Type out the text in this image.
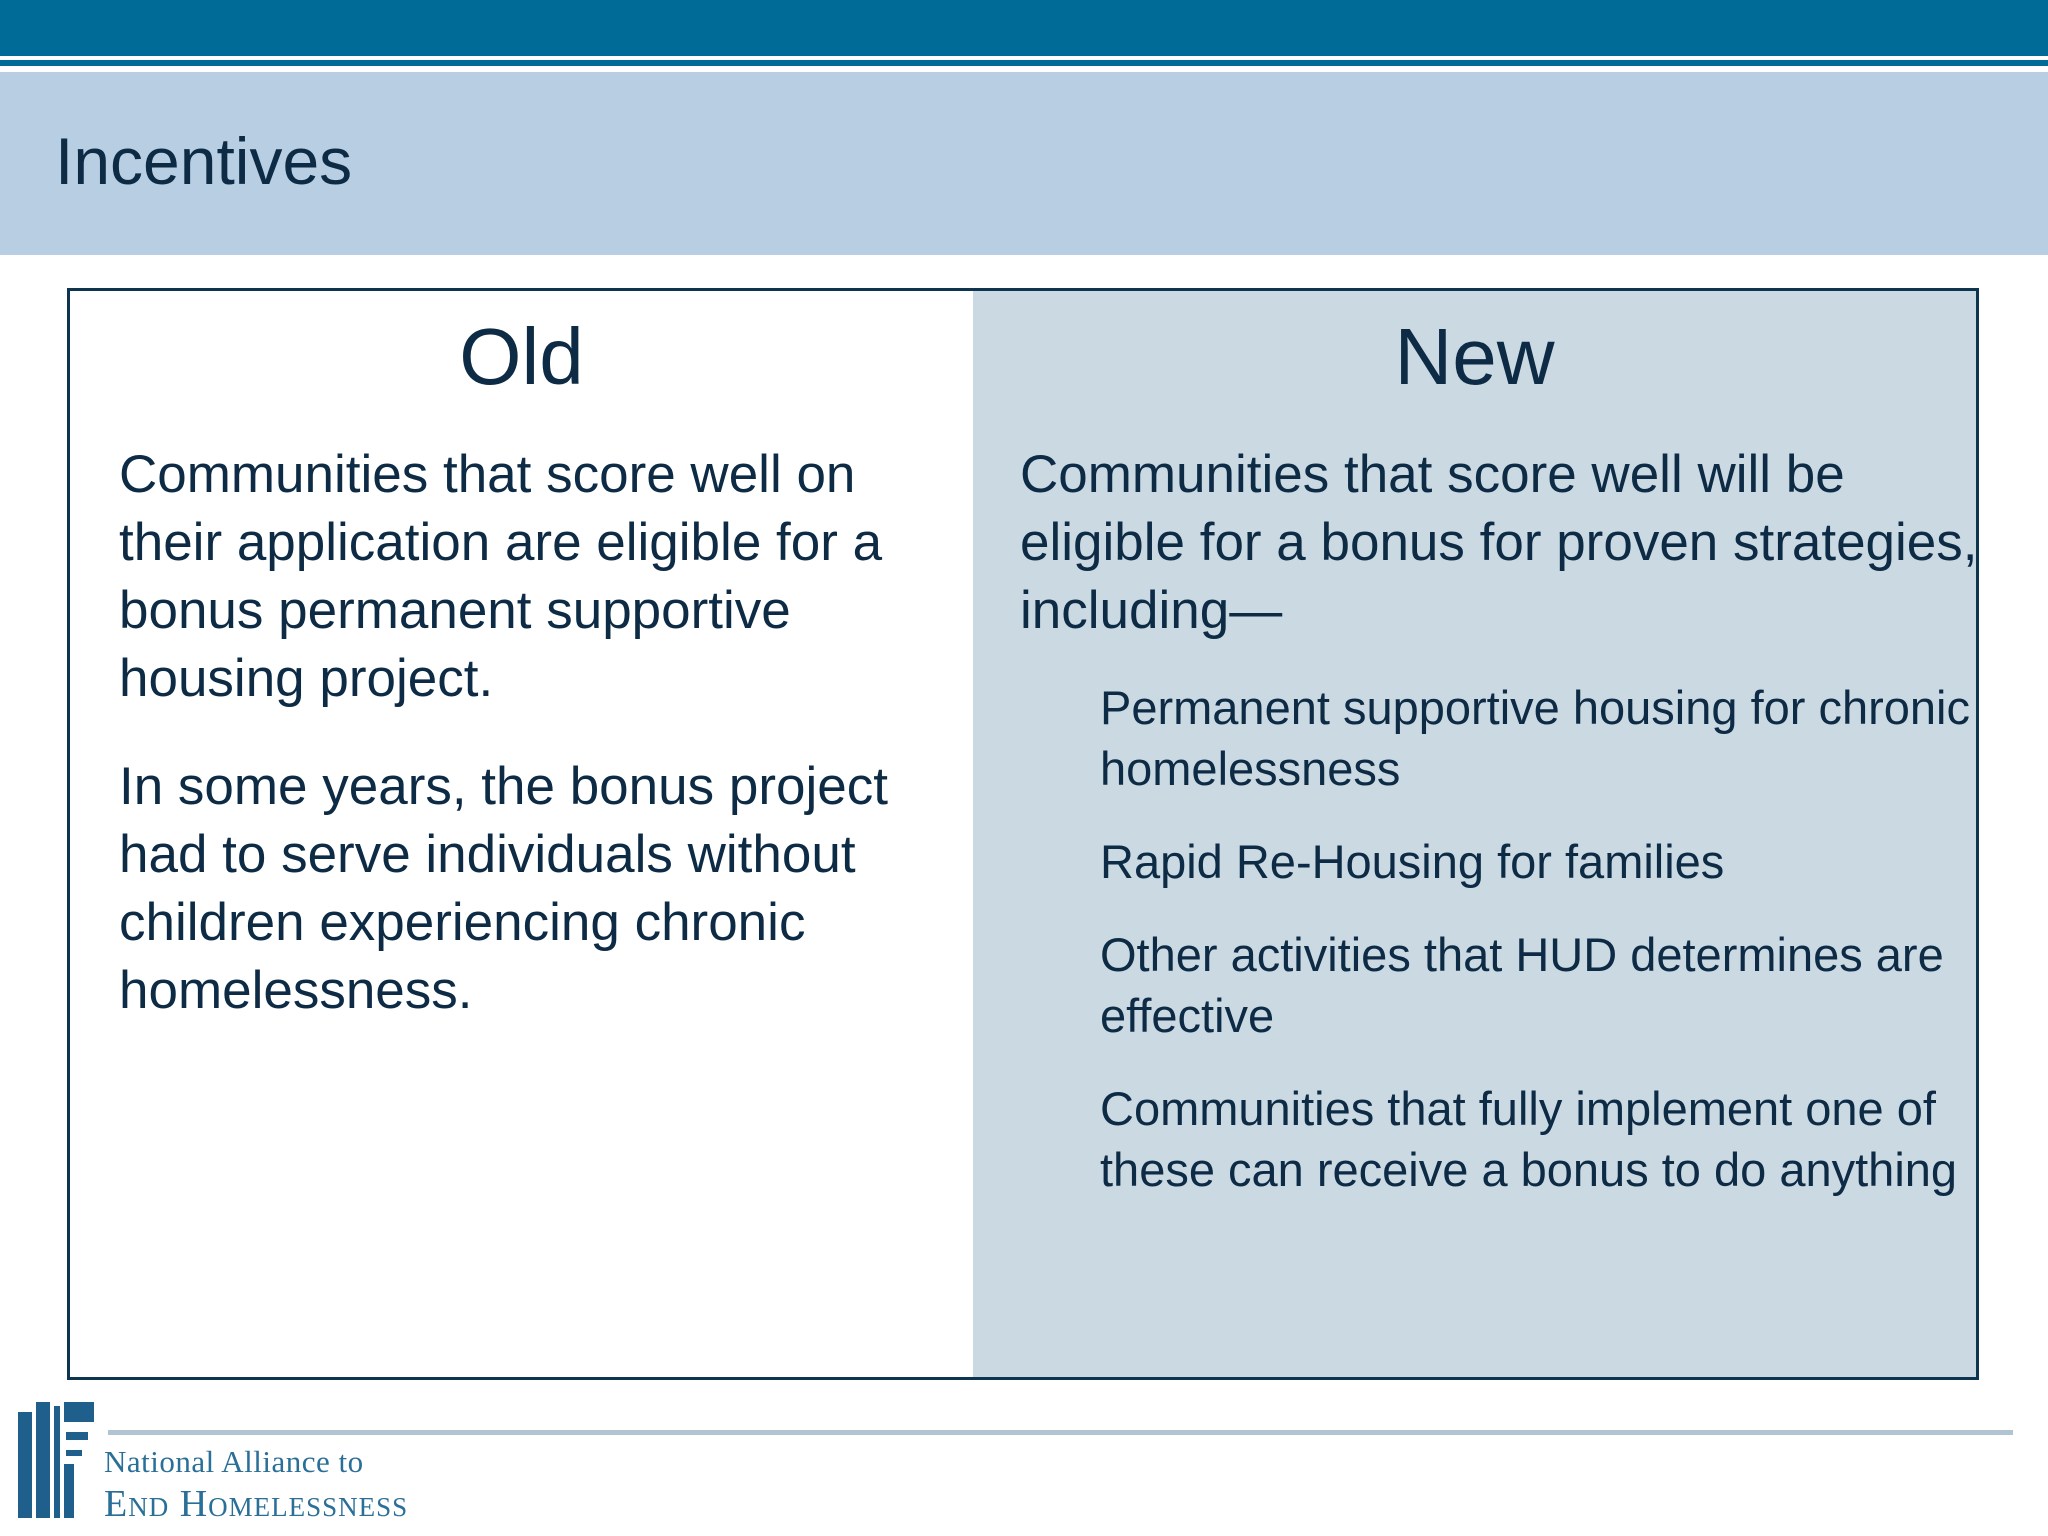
Incentives
Old

Communities that score well on their application are eligible for a bonus permanent supportive housing project.

In some years, the bonus project had to serve individuals without children experiencing chronic homelessness.

New

Communities that score well will be eligible for a bonus for proven strategies, including—

Permanent supportive housing for chronic homelessness
Rapid Re-Housing for families
Other activities that HUD determines are effective
Communities that fully implement one of these can receive a bonus to do anything
National Alliance to
End Homelessness
